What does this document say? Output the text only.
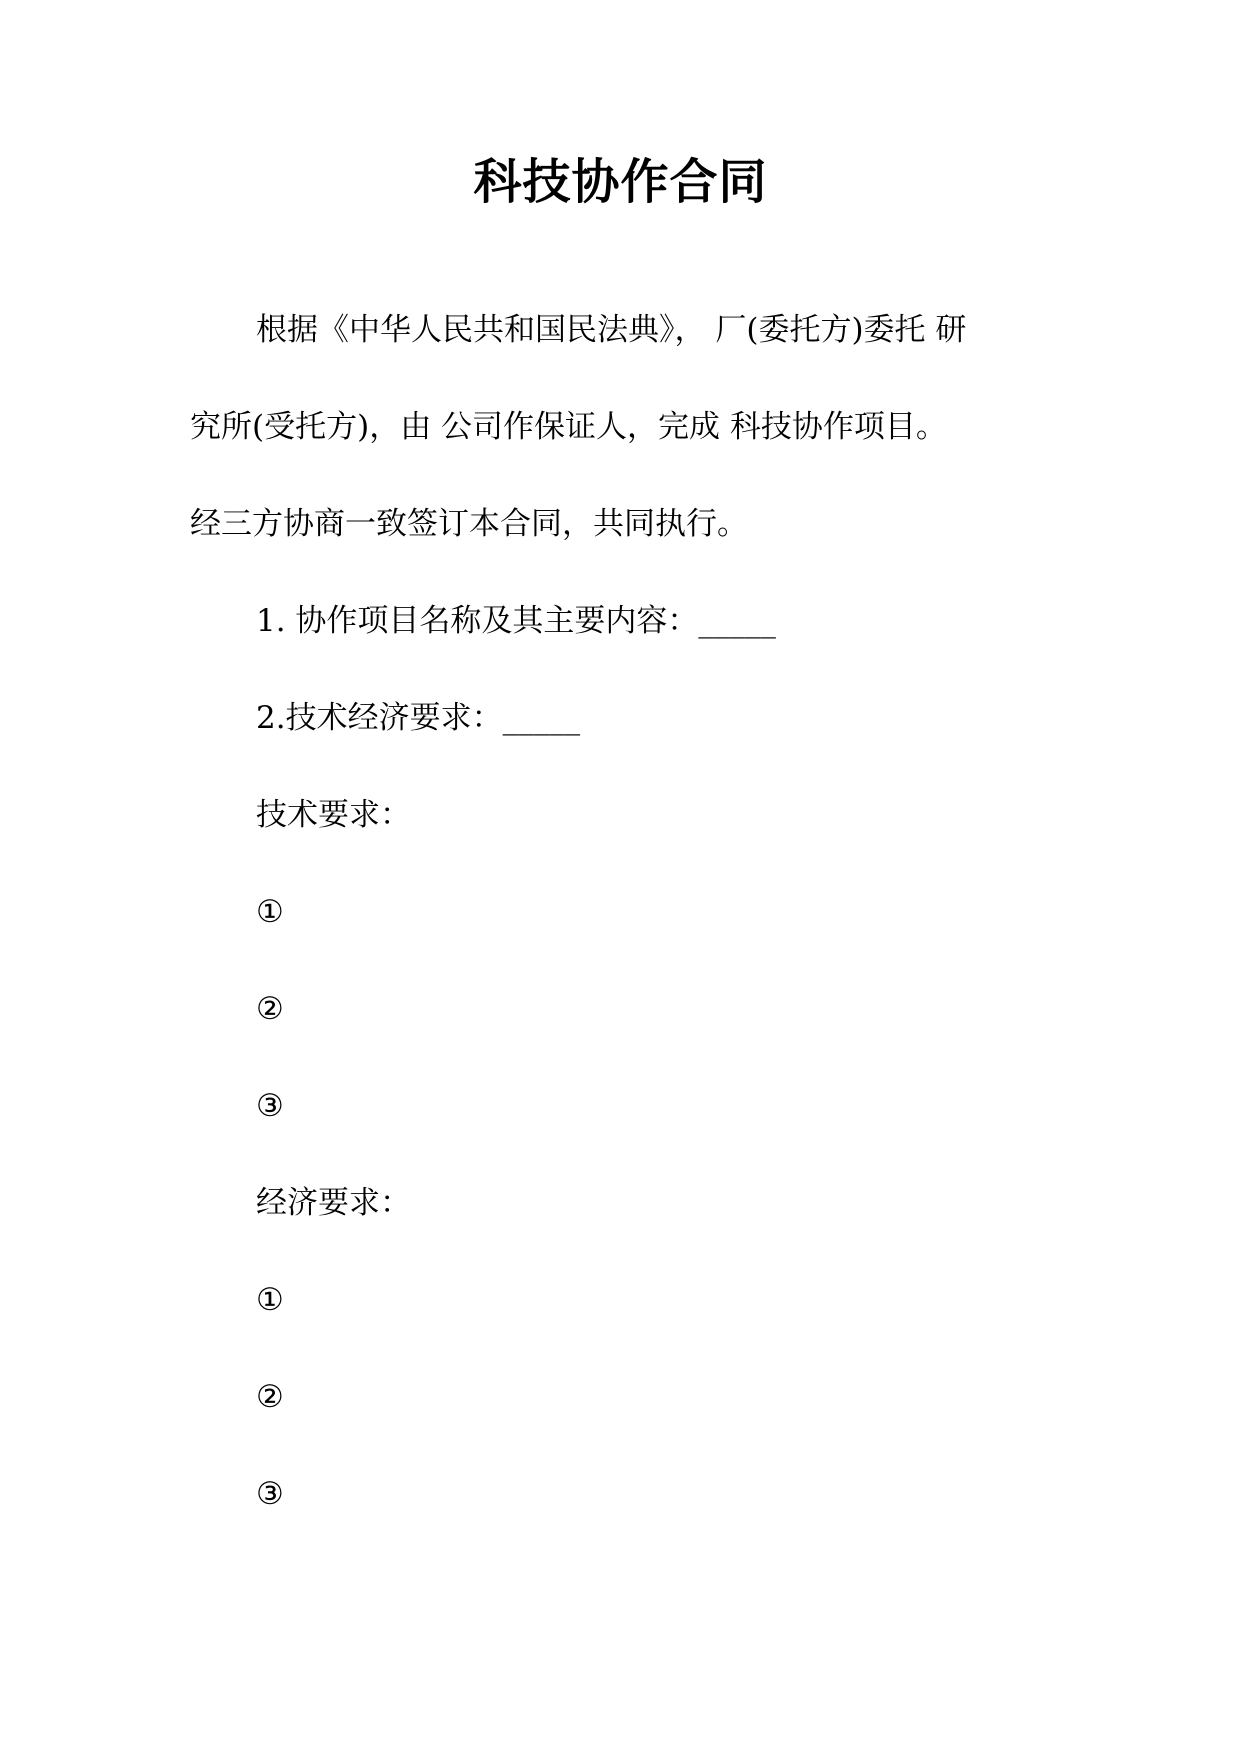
科技协作合同
根据《中华人民共和国民法典》， 厂(委托方)委托 研
究所(受托方)，由 公司作保证人，完成 科技协作项目。
经三方协商一致签订本合同，共同执行。
1. 协作项目名称及其主要内容：_____
2.技术经济要求：_____
技术要求：
①
②
③
经济要求：
①
②
③
